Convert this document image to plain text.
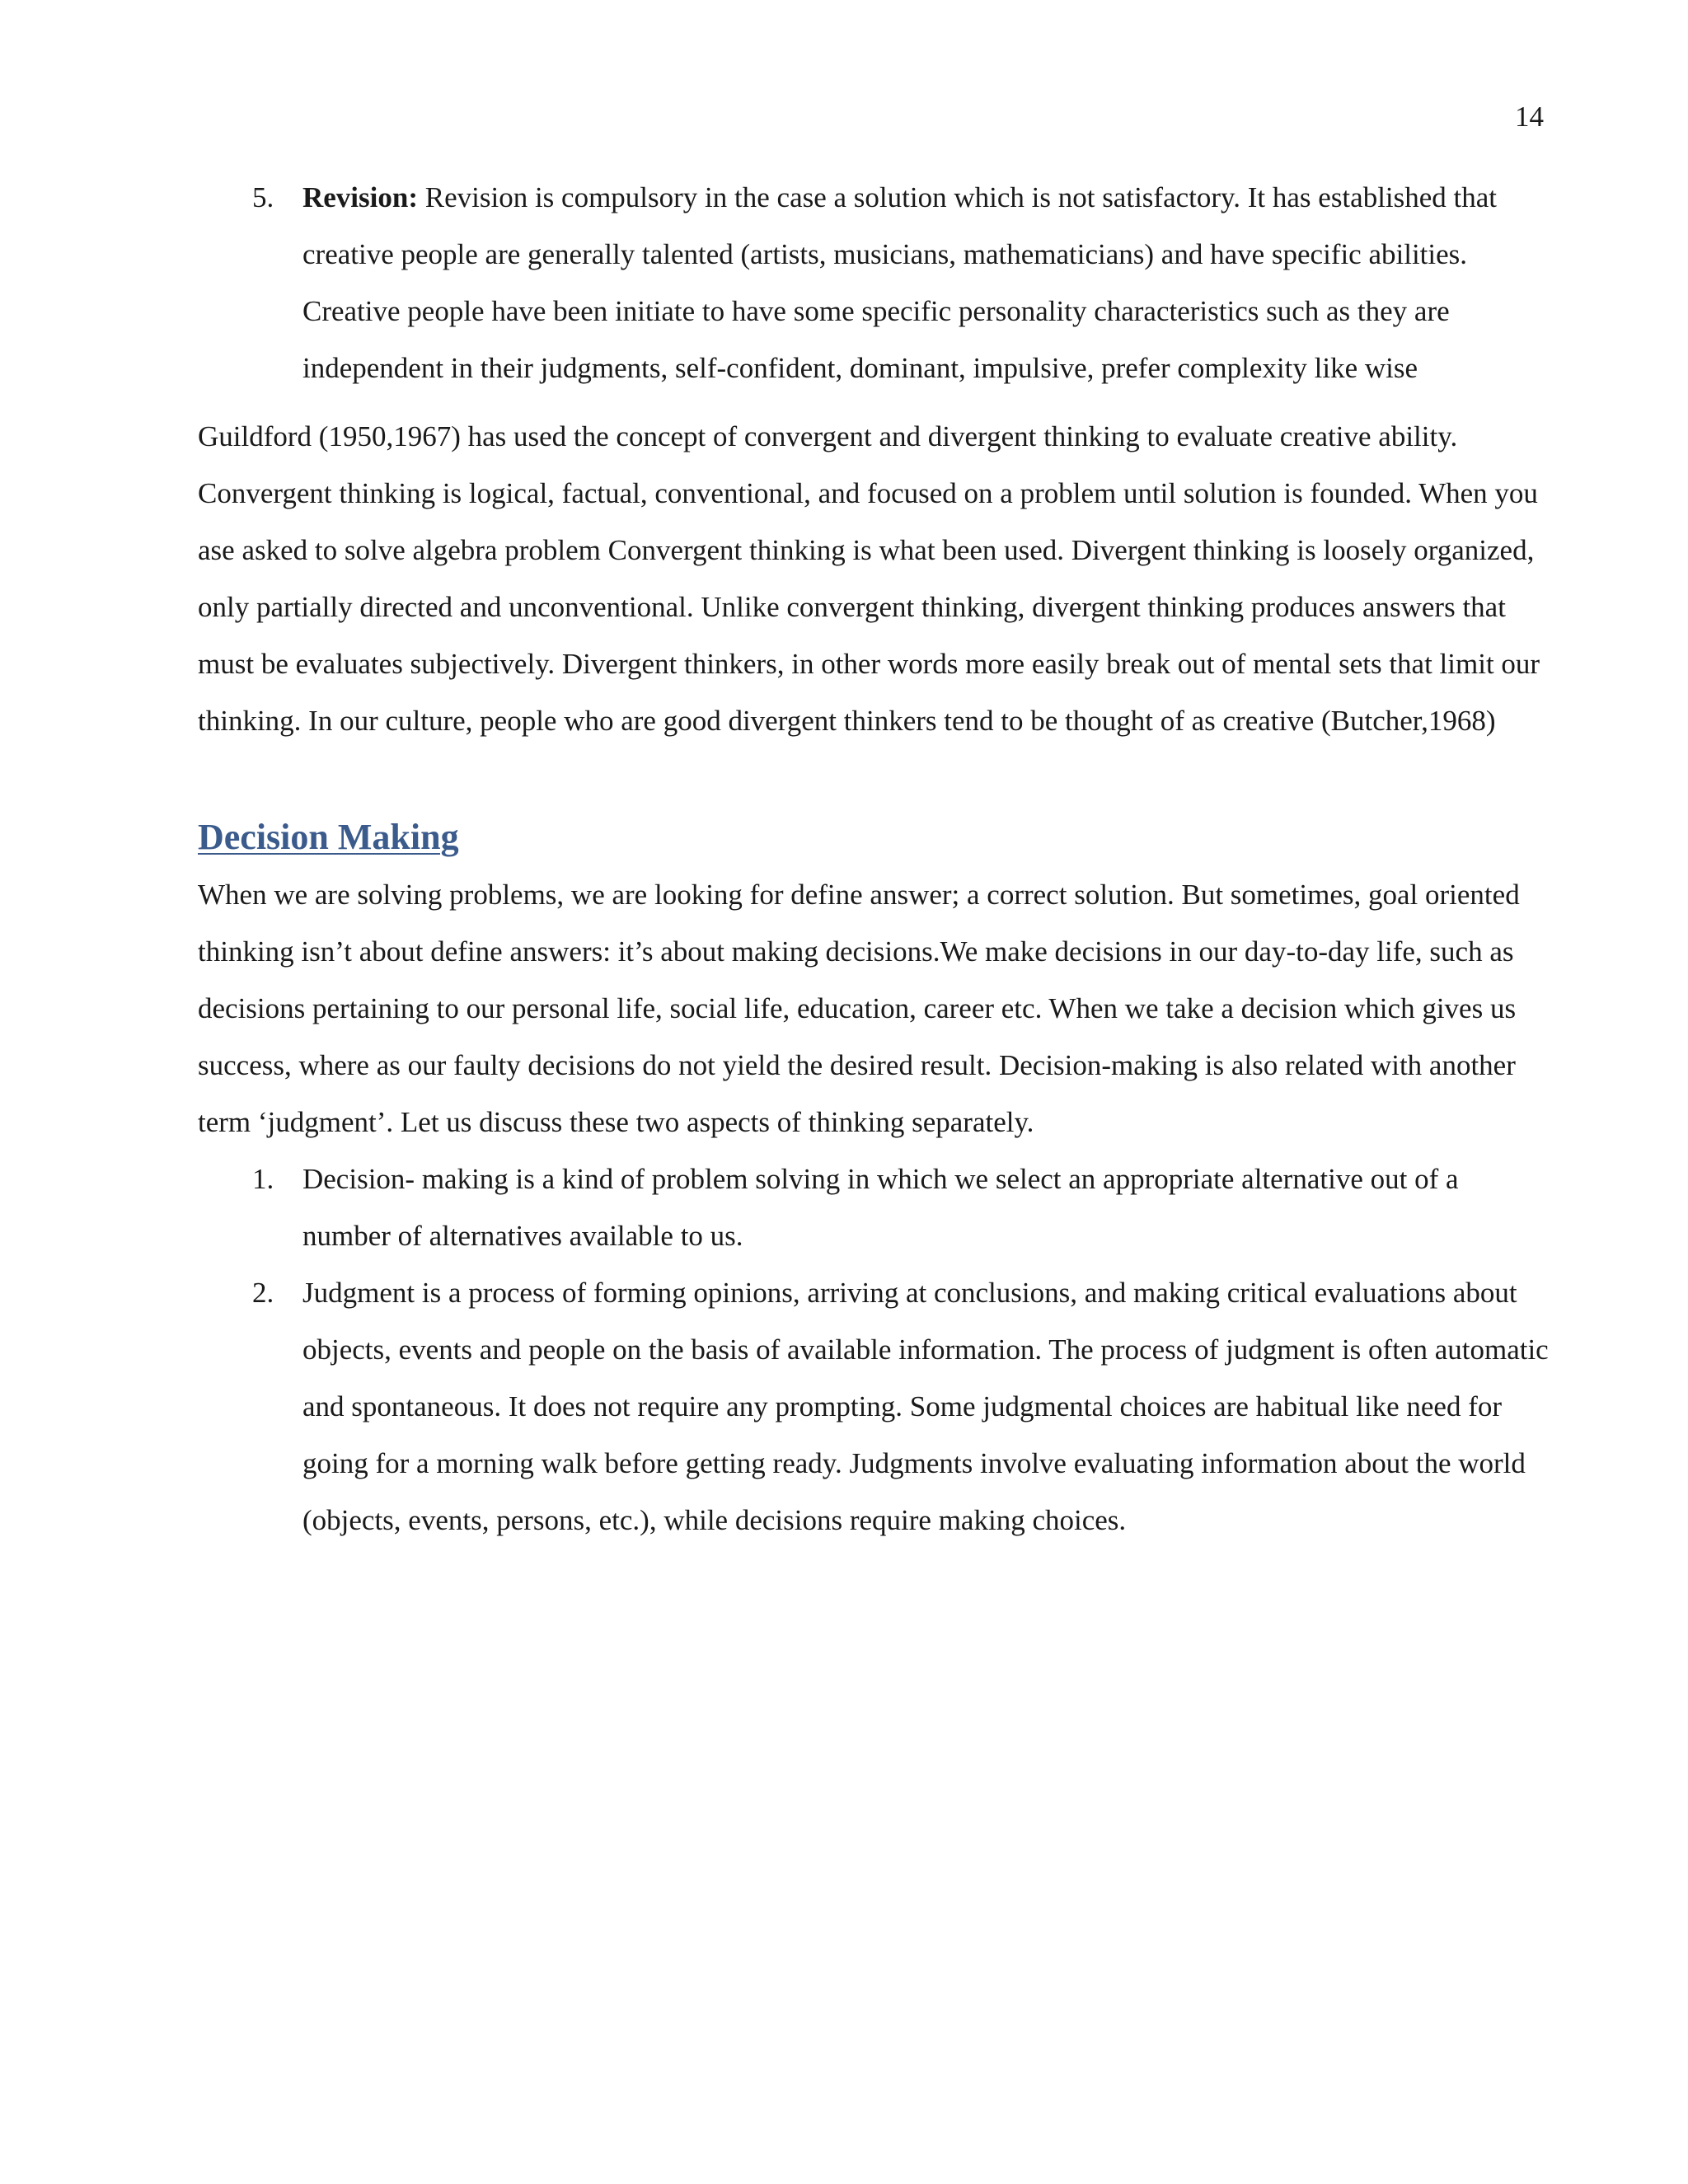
14
5. Revision: Revision is compulsory in the case a solution which is not satisfactory. It has established that creative people are generally talented (artists, musicians, mathematicians) and have specific abilities. Creative people have been initiate to have some specific personality characteristics such as they are independent in their judgments, self-confident, dominant, impulsive, prefer complexity like wise

Guildford (1950,1967) has used the concept of convergent and divergent thinking to evaluate creative ability. Convergent thinking is logical, factual, conventional, and focused on a problem until solution is founded. When you ase asked to solve algebra problem Convergent thinking is what been used. Divergent thinking is loosely organized, only partially directed and unconventional. Unlike convergent thinking, divergent thinking produces answers that must be evaluates subjectively. Divergent thinkers, in other words more easily break out of mental sets that limit our thinking. In our culture, people who are good divergent thinkers tend to be thought of as creative (Butcher,1968)

Decision Making

When we are solving problems, we are looking for define answer; a correct solution. But sometimes, goal oriented thinking isn’t about define answers: it’s about making decisions.We make decisions in our day-to-day life, such as decisions pertaining to our personal life, social life, education, career etc. When we take a decision which gives us success, where as our faulty decisions do not yield the desired result. Decision-making is also related with another term ‘judgment’. Let us discuss these two aspects of thinking separately.

1. Decision- making is a kind of problem solving in which we select an appropriate alternative out of a number of alternatives available to us.

2. Judgment is a process of forming opinions, arriving at conclusions, and making critical evaluations about objects, events and people on the basis of available information. The process of judgment is often automatic and spontaneous. It does not require any prompting. Some judgmental choices are habitual like need for going for a morning walk before getting ready. Judgments involve evaluating information about the world (objects, events, persons, etc.), while decisions require making choices.
